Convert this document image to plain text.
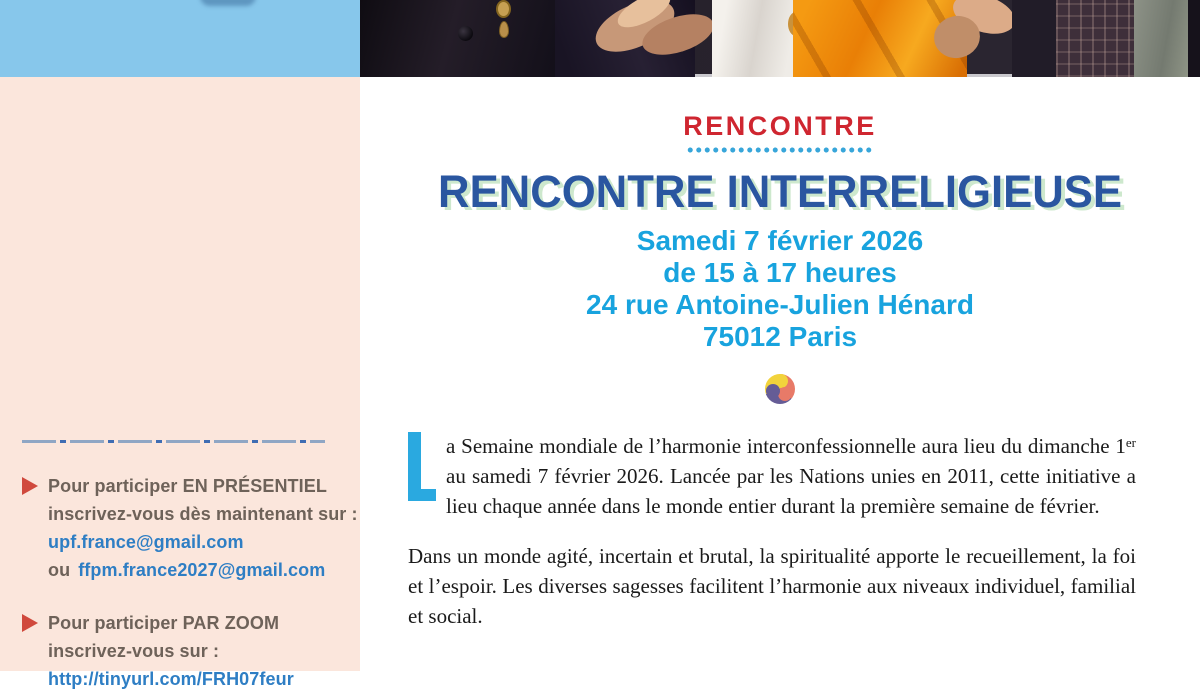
Pour participer EN PRÉSENTIEL
inscrivez-vous dès maintenant sur :
upf.france@gmail.com
ou ffpm.france2027@gmail.com
Pour participer PAR ZOOM
inscrivez-vous sur :
http://tinyurl.com/FRH07feur
RENCONTRE
RENCONTRE INTERRELIGIEUSE
Samedi 7 février 2026
de 15 à 17 heures
24 rue Antoine-Julien Hénard
75012 Paris
a Semaine mondiale de l’harmonie interconfessionnelle aura lieu du dimanche 1er au samedi 7 février 2026. Lancée par les Nations unies en 2011, cette initiative a lieu chaque année dans le monde entier durant la première semaine de février.
Dans un monde agité, incertain et brutal, la spiritualité apporte le recueillement, la foi et l’espoir. Les diverses sagesses facilitent l’harmonie aux niveaux individuel, familial et social.
